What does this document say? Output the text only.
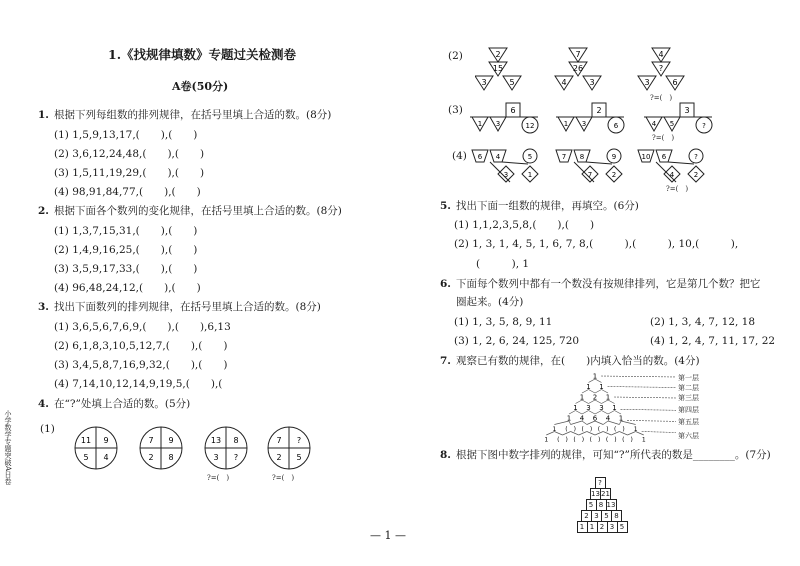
1.《找规律填数》专题过关检测卷
A卷(50分)
1. 根据下列每组数的排列规律，在括号里填上合适的数。(8分)
(1) 1,5,9,13,17,(　　),(　　)
(2) 3,6,12,24,48,(　　),(　　)
(3) 1,5,11,19,29,(　　),(　　)
(4) 98,91,84,77,(　　),(　　)
2. 根据下面各个数列的变化规律，在括号里填上合适的数。(8分)
(1) 1,3,7,15,31,(　　),(　　)
(2) 1,4,9,16,25,(　　),(　　)
(3) 3,5,9,17,33,(　　),(　　)
(4) 96,48,24,12,(　　),(　　)
3. 找出下面数列的排列规律，在括号里填上合适的数。(8分)
(1) 3,6,5,6,7,6,9,(　　),(　　),6,13
(2) 6,1,8,3,10,5,12,7,(　　),(　　)
(3) 3,4,5,8,7,16,9,32,(　　),(　　)
(4) 7,14,10,12,14,9,19,5,(　　),(
4. 在“?”处填上合适的数。(5分)
(1)
11 9
5 4
7 9
2 8
13 8
3 ?
7 ?
2 5
?=(　)	?=(　)
小学数学专题突破A日卷
— 1 —
(2)	2
15
3	5
7
26
4	3
4
?
3	6
?=(　)
(3)	6
1 3	12
2
1 3	6
3
4 5	?
?=(　)
(4) 6 4	5
3	1
7 8	9
7	2
10 6	?
4	2
?=(　)
5. 找出下面一组数的规律，再填空。(6分)
(1) 1,1,2,3,5,8,(　　),(　　)
(2) 1, 3, 1, 4, 5, 1, 6, 7, 8,(　　　),(　　　), 10,(　　　),
(　　　), 1
6. 下面每个数列中都有一个数没有按规律排列，它是第几个数？把它
圈起来。(4分)
(1) 1, 3, 5, 8, 9, 11	(2) 1, 3, 4, 7, 12, 18
(3) 1, 2, 6, 24, 125, 720	(4) 1, 2, 4, 7, 11, 17, 22
7. 观察已有数的规律，在(　　)内填入恰当的数。(4分)
1
1 1
1 2 1
1 3 3 1
1 4 6 4 1
1 (　) (　) (　) (　) 1
1 (　) (　) (　) (　) (　) 1
第一层
第二层
第三层
第四层
第五层
第六层
8. 根据下图中数字排列的规律，可知“?”所代表的数是________。(7分)
?
1321
5 8 13
2 3 5 8
1 1 2 3 5
